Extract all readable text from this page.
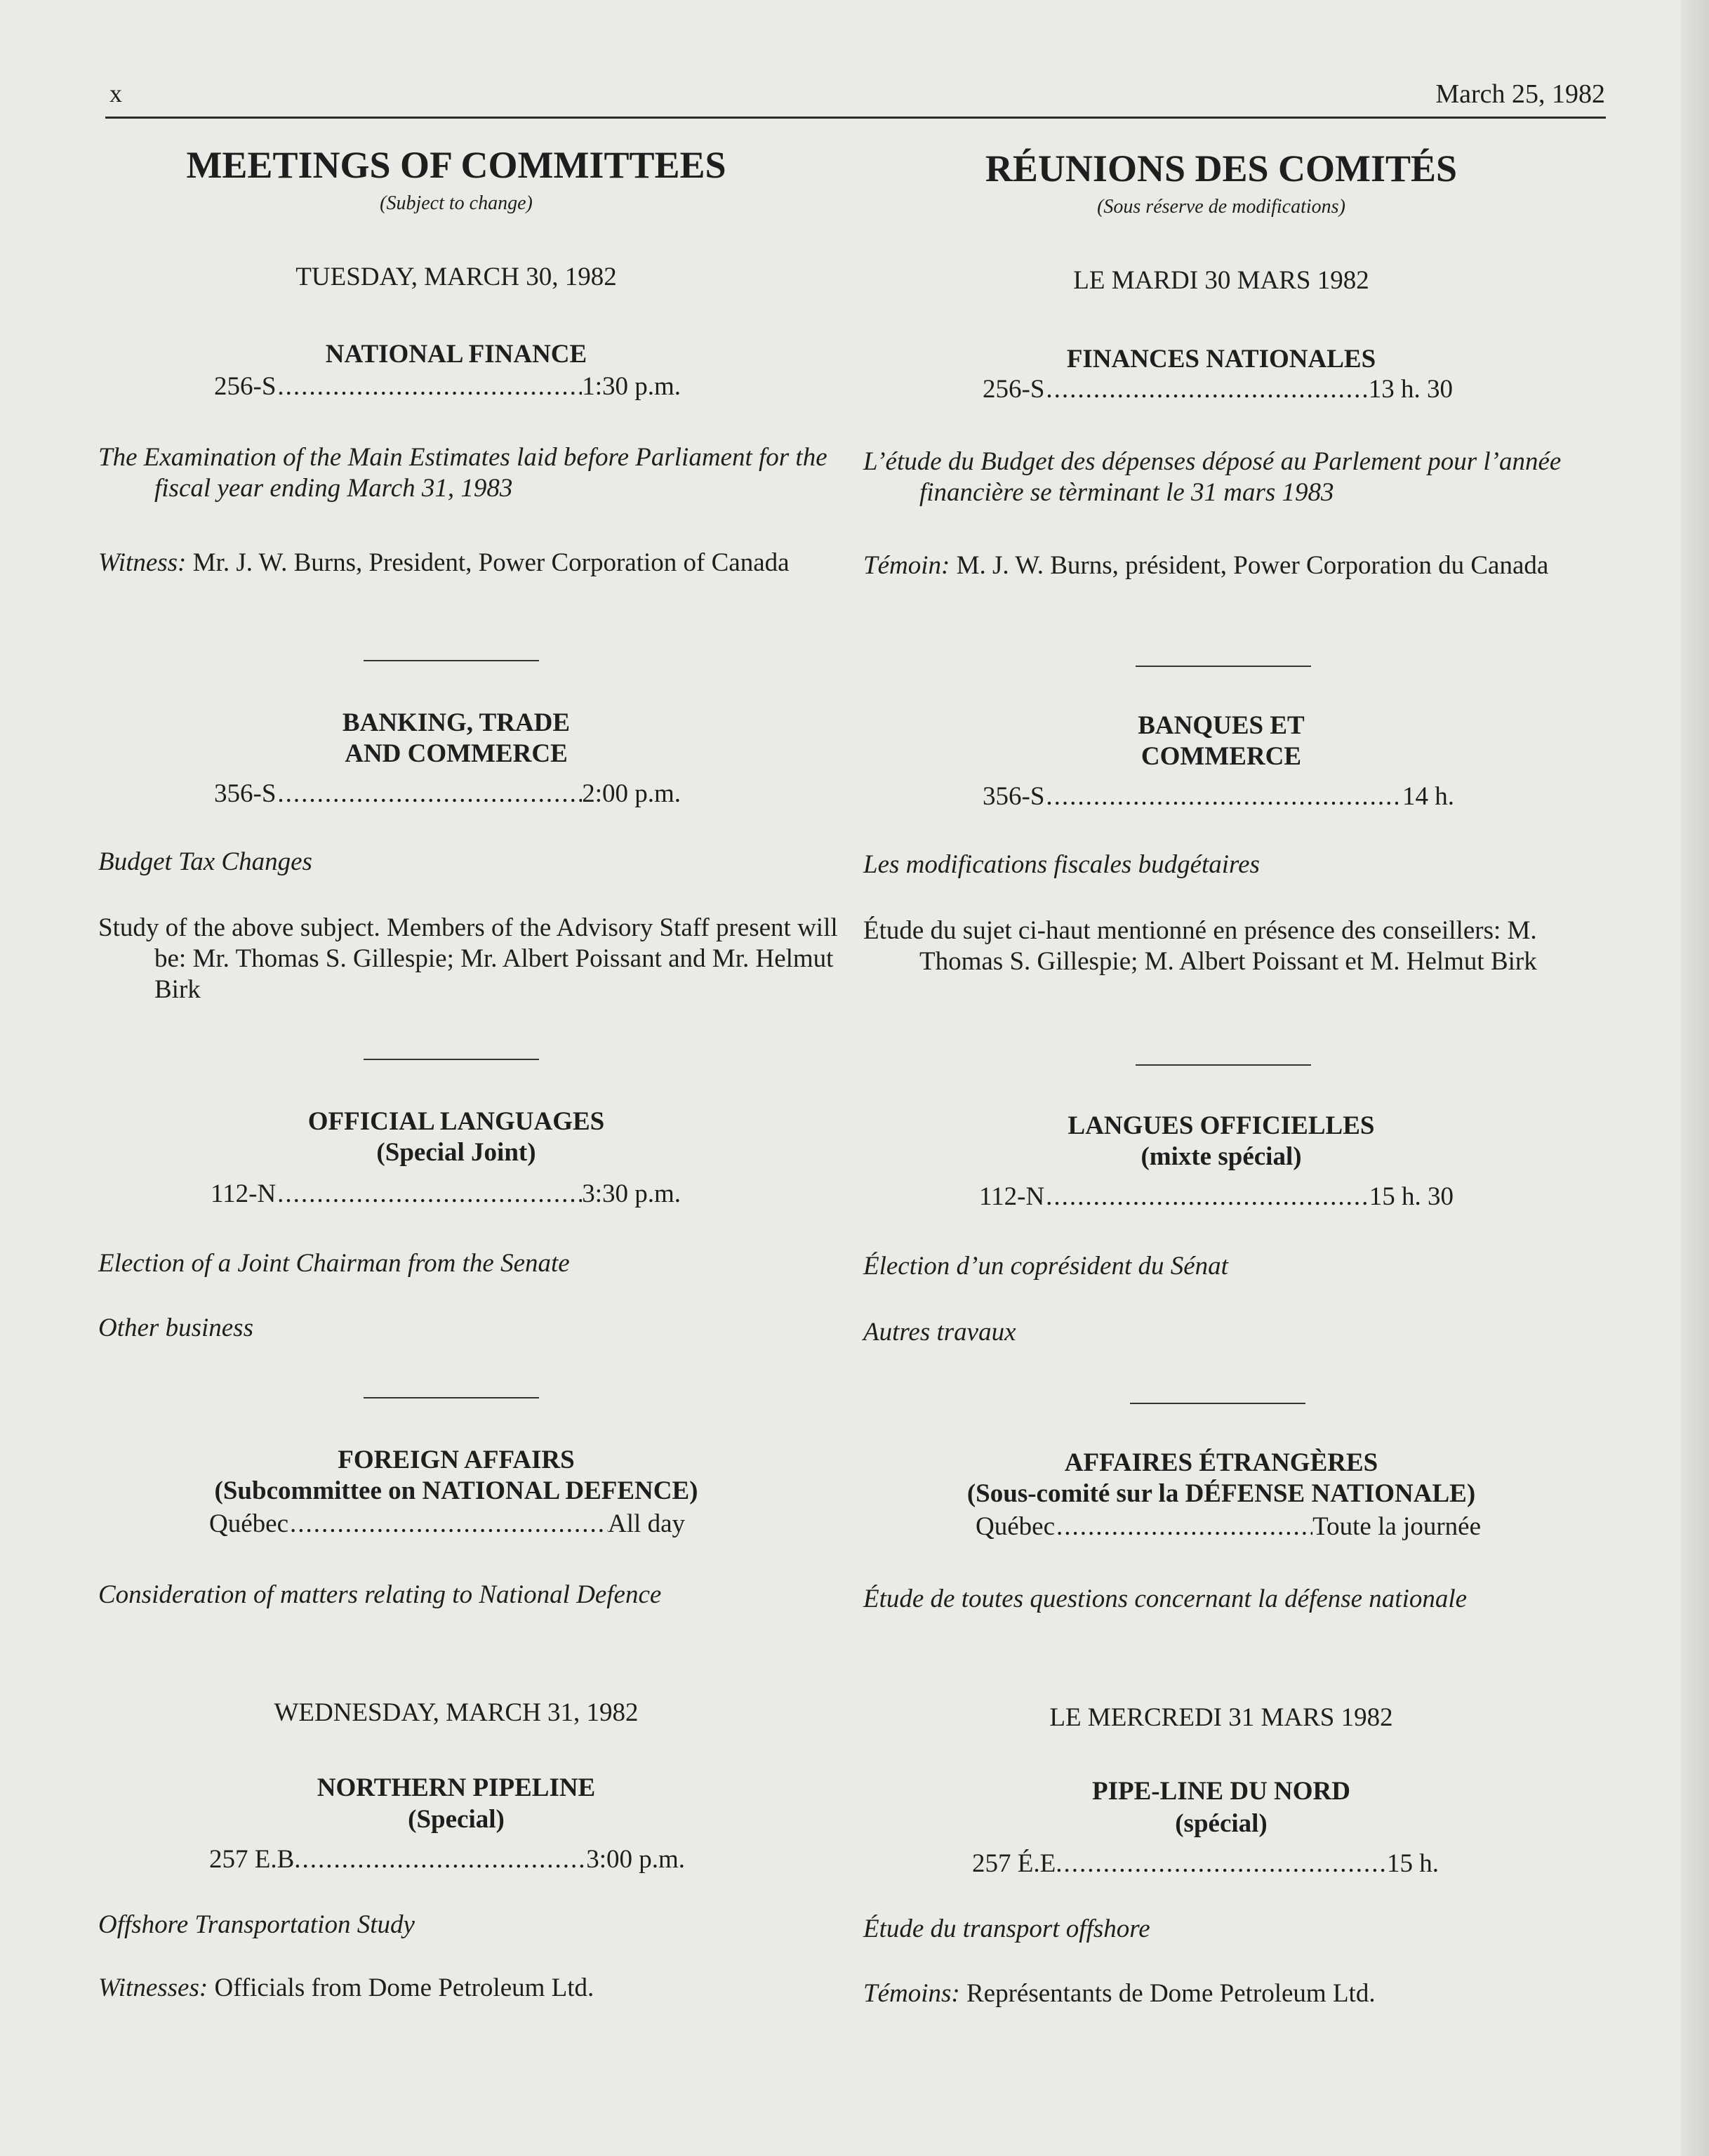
x	March 25, 1982
MEETINGS OF COMMITTEES
(Subject to change)
TUESDAY, MARCH 30, 1982
NATIONAL FINANCE
256-S .....	1:30 p.m.
The Examination of the Main Estimates laid before Parliament for the fiscal year ending March 31, 1983
Witness: Mr. J. W. Burns, President, Power Corporation of Canada
BANKING, TRADE
AND COMMERCE
356-S .....	2:00 p.m.
Budget Tax Changes
Study of the above subject. Members of the Advisory Staff present will be: Mr. Thomas S. Gillespie; Mr. Albert Poissant and Mr. Helmut Birk
OFFICIAL LANGUAGES
(Special Joint)
112-N .....	3:30 p.m.
Election of a Joint Chairman from the Senate
Other business
FOREIGN AFFAIRS
(Subcommittee on NATIONAL DEFENCE)
Québec .....	All day
Consideration of matters relating to National Defence
WEDNESDAY, MARCH 31, 1982
NORTHERN PIPELINE
(Special)
257 E.B. .....	3:00 p.m.
Offshore Transportation Study
Witnesses: Officials from Dome Petroleum Ltd.
RÉUNIONS DES COMITÉS
(Sous réserve de modifications)
LE MARDI 30 MARS 1982
FINANCES NATIONALES
256-S .....	13 h. 30
L’étude du Budget des dépenses déposé au Parlement pour l’année financière se tèrminant le 31 mars 1983
Témoin: M. J. W. Burns, président, Power Corporation du Canada
BANQUES ET
COMMERCE
356-S .....	14 h.
Les modifications fiscales budgétaires
Étude du sujet ci-haut mentionné en présence des conseillers: M. Thomas S. Gillespie; M. Albert Poissant et M. Helmut Birk
LANGUES OFFICIELLES
(mixte spécial)
112-N .....	15 h. 30
Élection d’un coprésident du Sénat
Autres travaux
AFFAIRES ÉTRANGÈRES
(Sous-comité sur la DÉFENSE NATIONALE)
Québec .....	Toute la journée
Étude de toutes questions concernant la défense nationale
LE MERCREDI 31 MARS 1982
PIPE-LINE DU NORD
(spécial)
257 É.E. .....	15 h.
Étude du transport offshore
Témoins: Représentants de Dome Petroleum Ltd.
